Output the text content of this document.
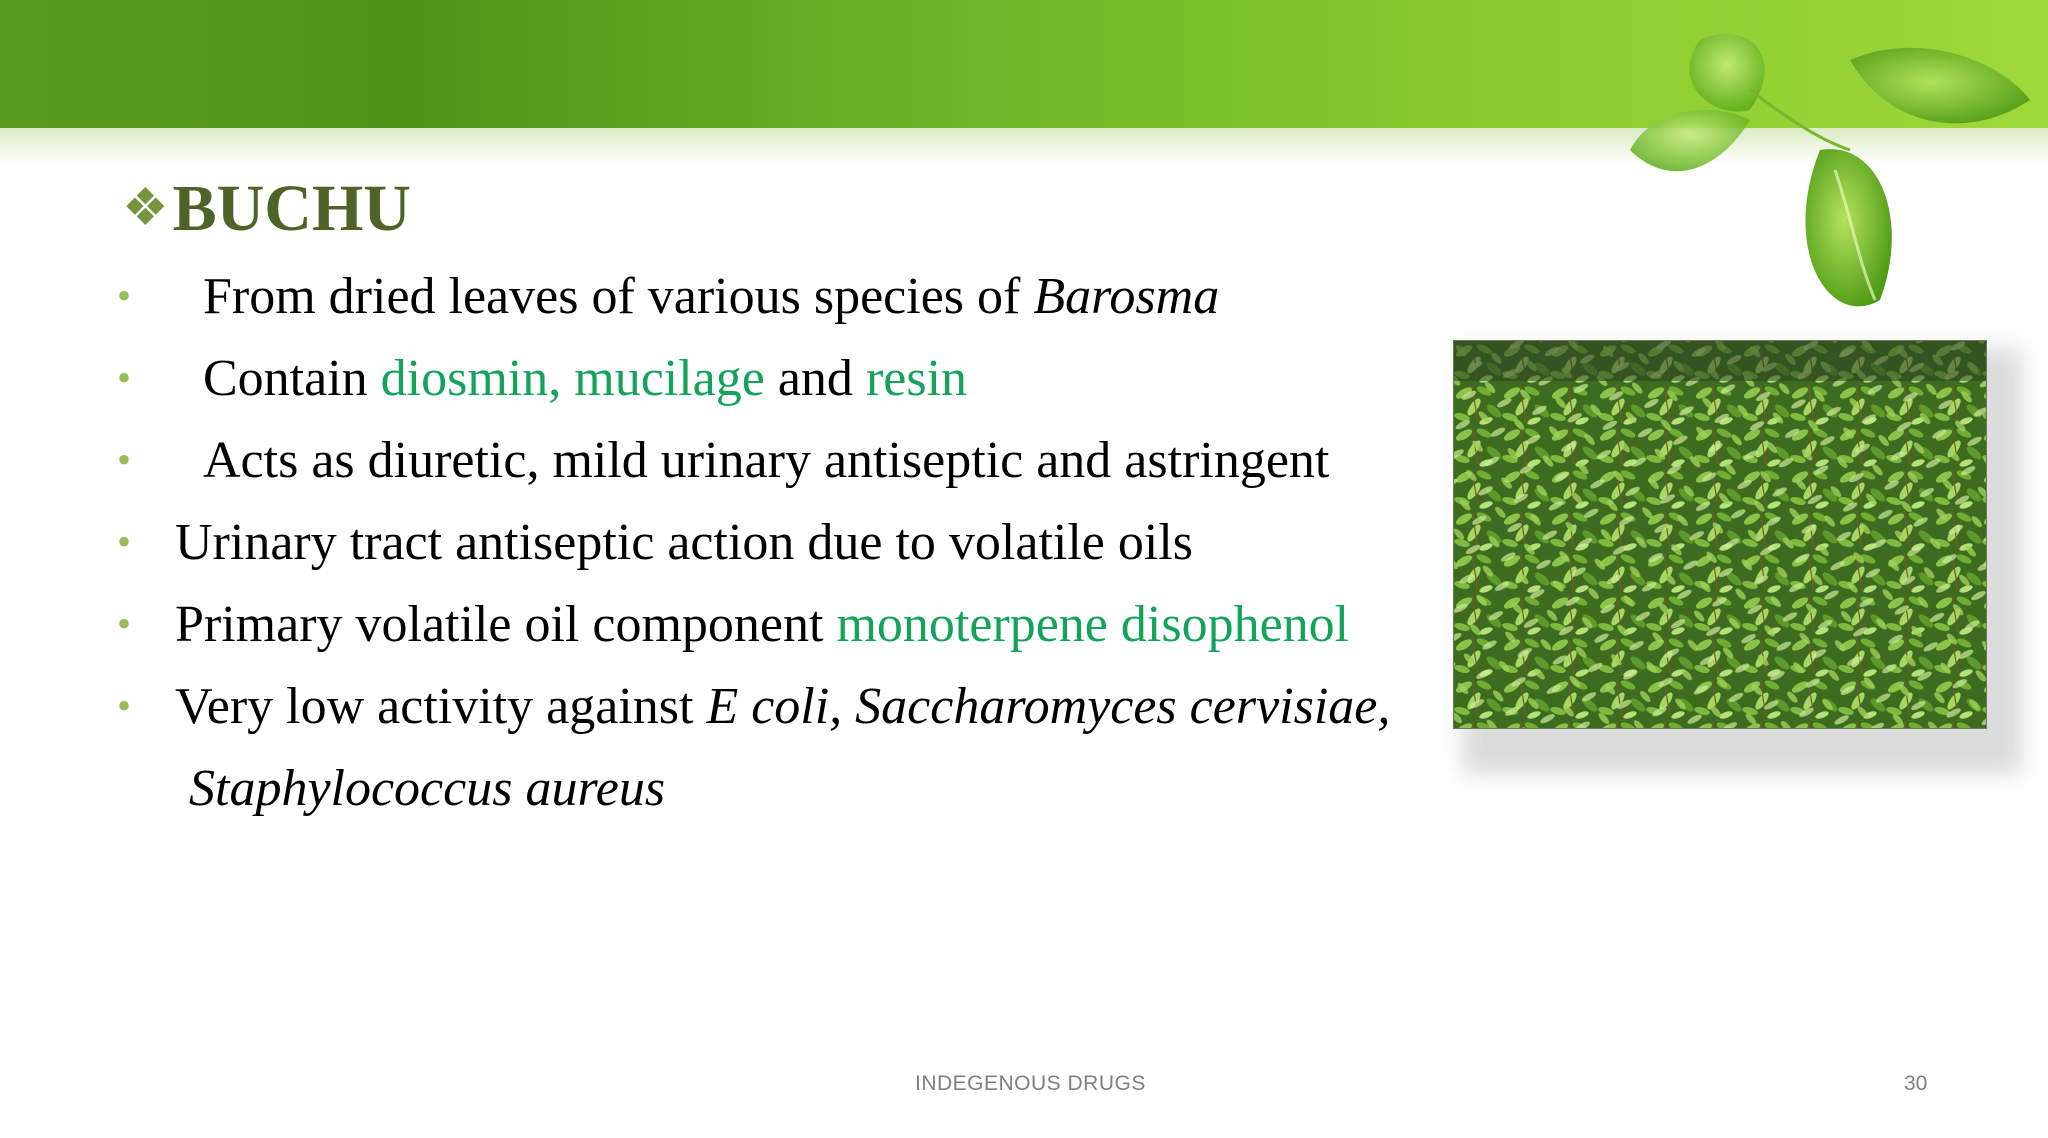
❖ BUCHU
• From dried leaves of various species of Barosma
• Contain diosmin, mucilage and resin
• Acts as diuretic, mild urinary antiseptic and astringent
• Urinary tract antiseptic action due to volatile oils
• Primary volatile oil component monoterpene disophenol
• Very low activity against E coli, Saccharomyces cervisiae,
Staphylococcus aureus
INDEGENOUS DRUGS	30
